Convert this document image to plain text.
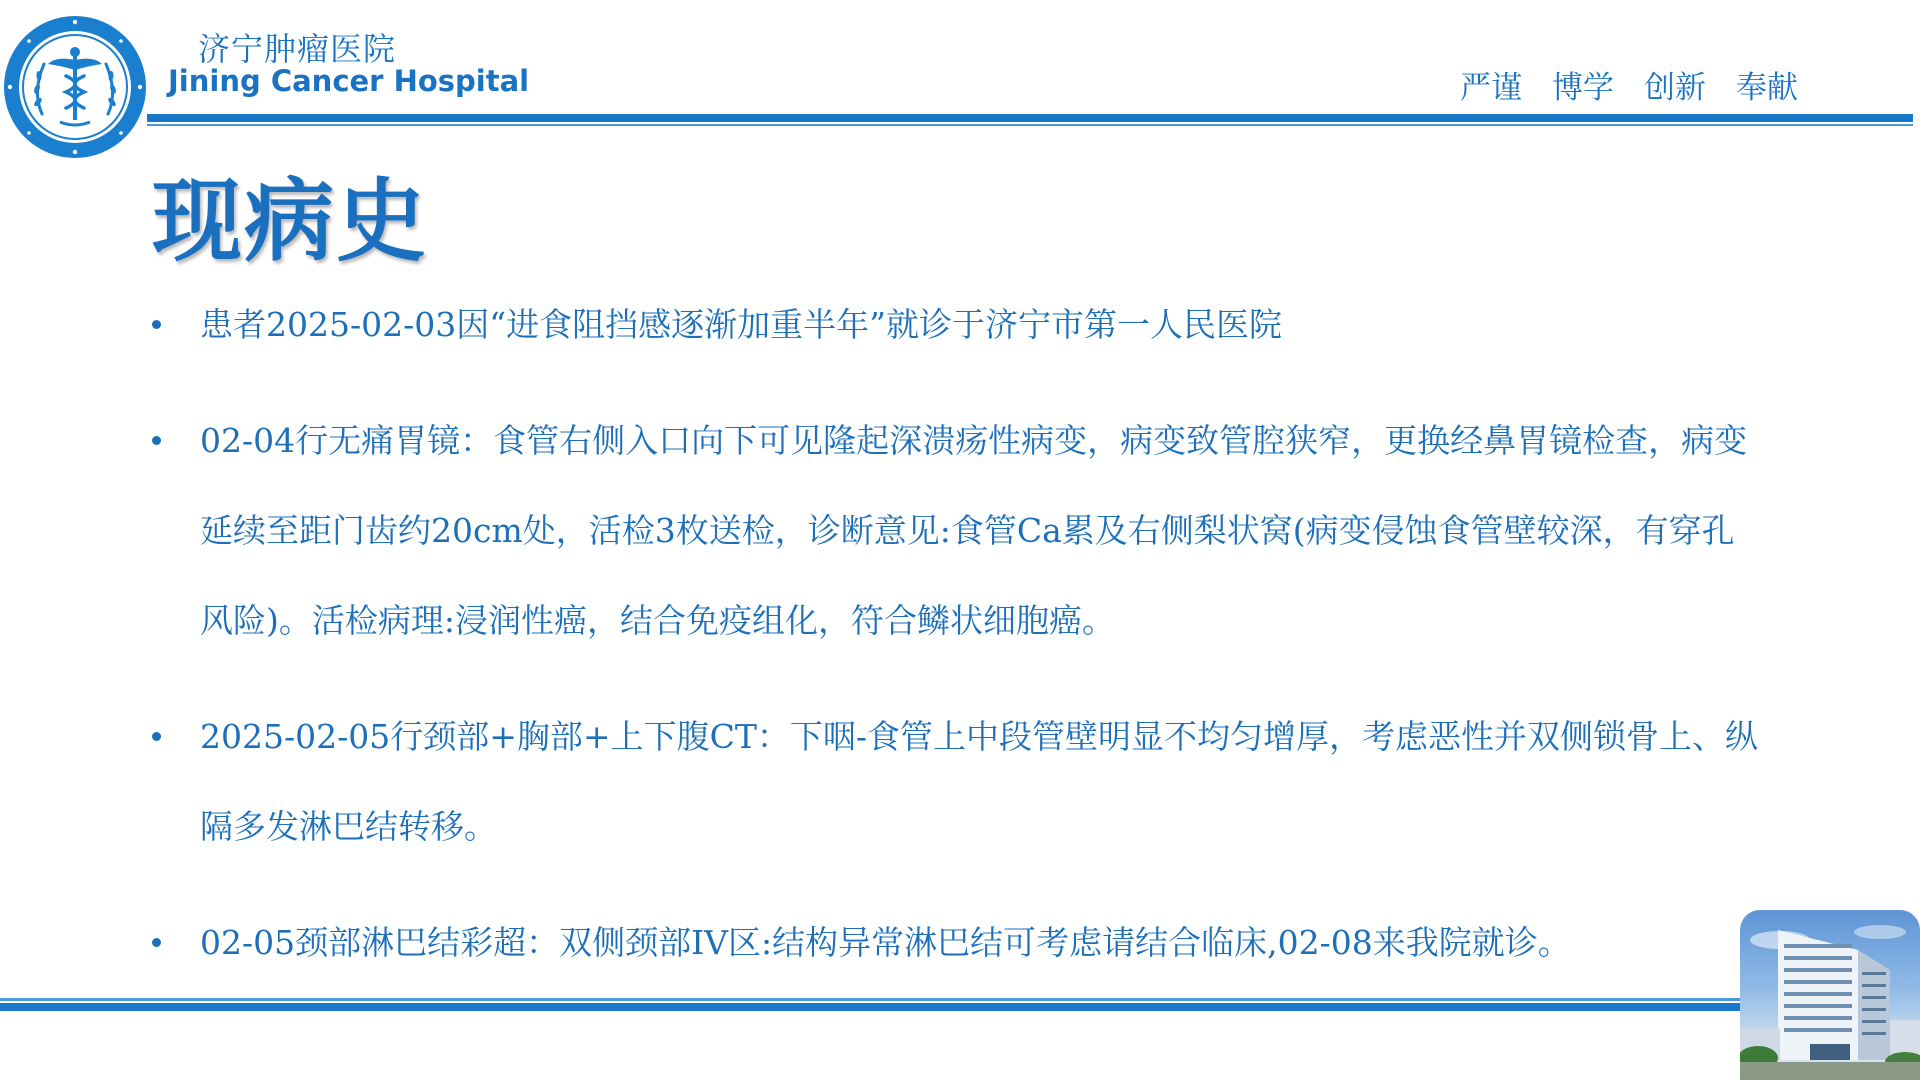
济宁肿瘤医院
Jining Cancer Hospital	严谨 博学 创新 奉献
现病史
患者2025-02-03因“进食阻挡感逐渐加重半年”就诊于济宁市第一人民医院
02-04行无痛胃镜：食管右侧入口向下可见隆起深溃疡性病变，病变致管腔狭窄，更换经鼻胃镜检查，病变延续至距门齿约20cm处，活检3枚送检，诊断意见:食管Ca累及右侧梨状窝(病变侵蚀食管壁较深，有穿孔风险)。活检病理:浸润性癌，结合免疫组化，符合鳞状细胞癌。
2025-02-05行颈部+胸部+上下腹CT：下咽-食管上中段管壁明显不均匀增厚，考虑恶性并双侧锁骨上、纵隔多发淋巴结转移。
02-05颈部淋巴结彩超：双侧颈部IV区:结构异常淋巴结可考虑请结合临床,02-08来我院就诊。
